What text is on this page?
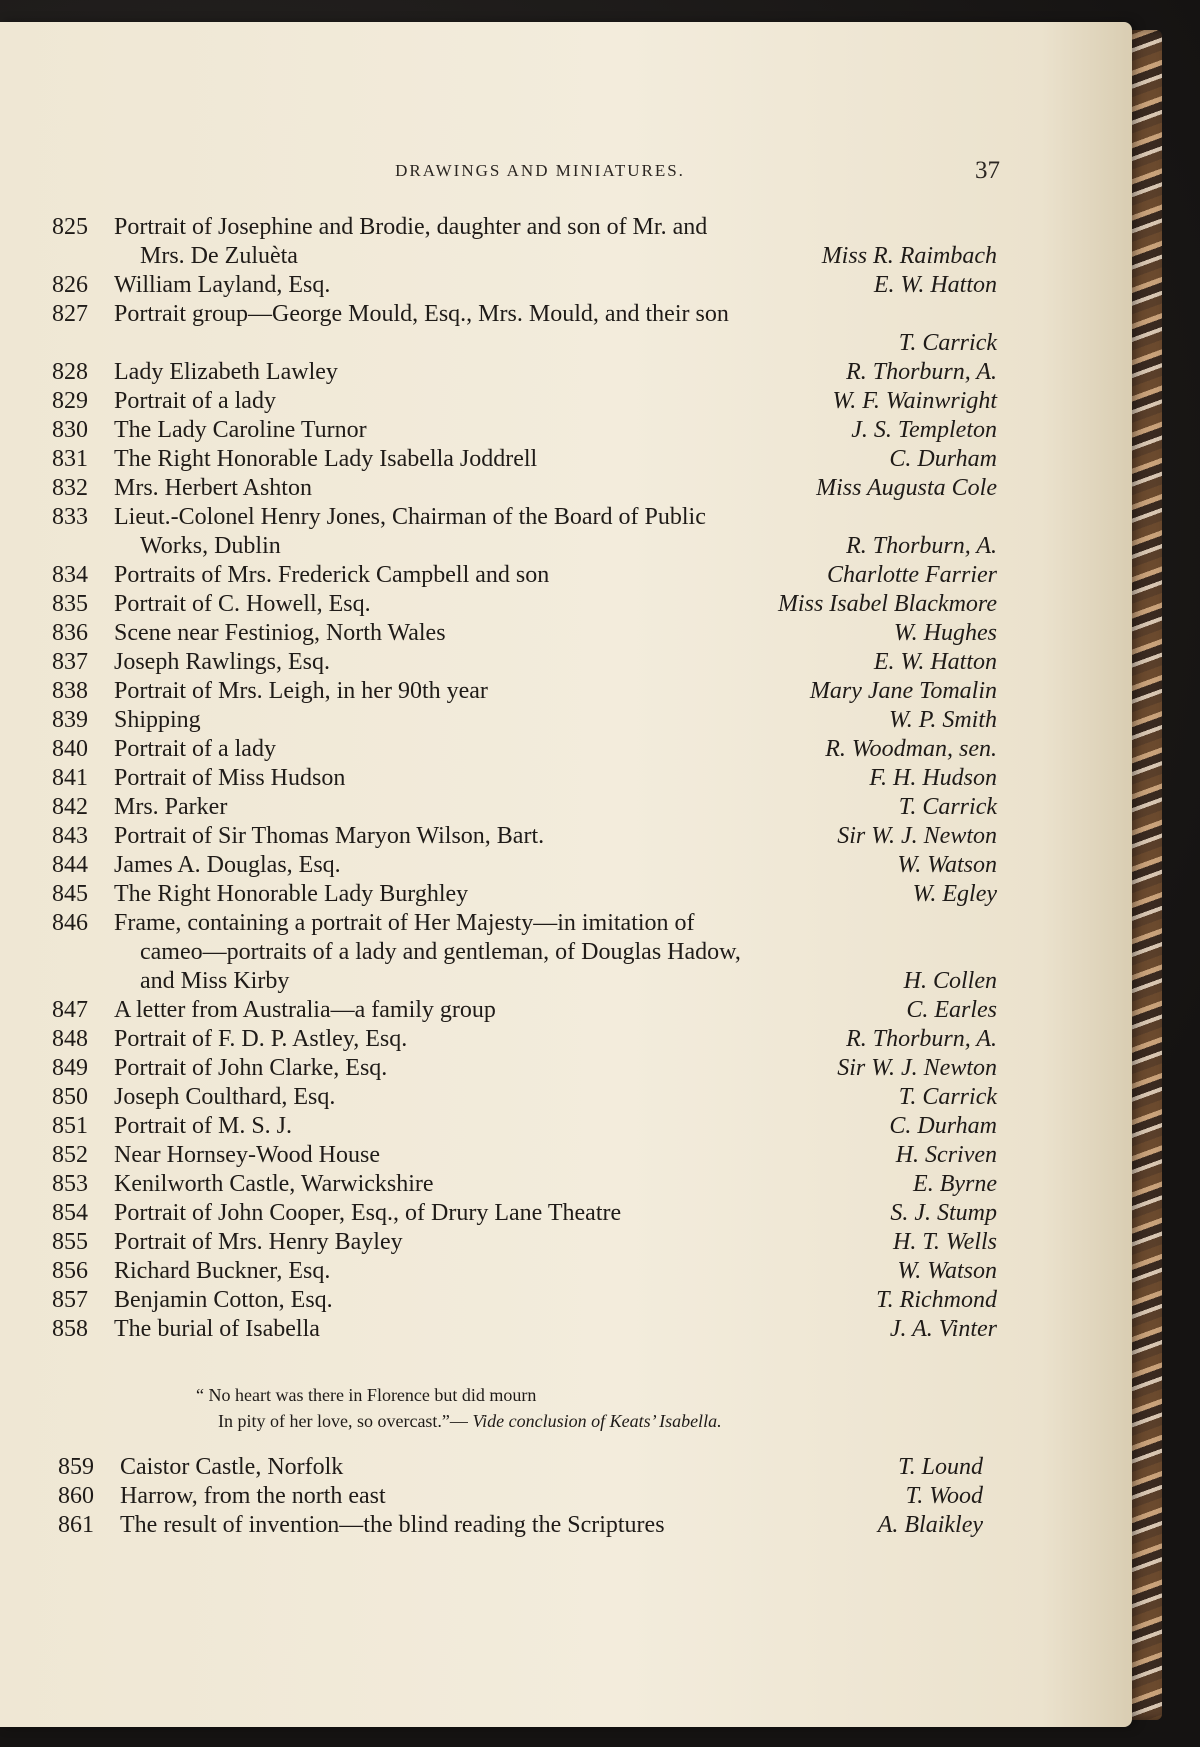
DRAWINGS AND MINIATURES.	37
825	Portrait of Josephine and Brodie, daughter and son of Mr. and
Mrs. De Zuluèta	Miss R. Raimbach
826	William Layland, Esq.	E. W. Hatton
827	Portrait group—George Mould, Esq., Mrs. Mould, and their son
T. Carrick
828	Lady Elizabeth Lawley	R. Thorburn, A.
829	Portrait of a lady	W. F. Wainwright
830	The Lady Caroline Turnor	J. S. Templeton
831	The Right Honorable Lady Isabella Joddrell	C. Durham
832	Mrs. Herbert Ashton	Miss Augusta Cole
833	Lieut.-Colonel Henry Jones, Chairman of the Board of Public
Works, Dublin	R. Thorburn, A.
834	Portraits of Mrs. Frederick Campbell and son	Charlotte Farrier
835	Portrait of C. Howell, Esq.	Miss Isabel Blackmore
836	Scene near Festiniog, North Wales	W. Hughes
837	Joseph Rawlings, Esq.	E. W. Hatton
838	Portrait of Mrs. Leigh, in her 90th year	Mary Jane Tomalin
839	Shipping	W. P. Smith
840	Portrait of a lady	R. Woodman, sen.
841	Portrait of Miss Hudson	F. H. Hudson
842	Mrs. Parker	T. Carrick
843	Portrait of Sir Thomas Maryon Wilson, Bart.	Sir W. J. Newton
844	James A. Douglas, Esq.	W. Watson
845	The Right Honorable Lady Burghley	W. Egley
846	Frame, containing a portrait of Her Majesty—in imitation of
cameo—portraits of a lady and gentleman, of Douglas Hadow,
and Miss Kirby	H. Collen
847	A letter from Australia—a family group	C. Earles
848	Portrait of F. D. P. Astley, Esq.	R. Thorburn, A.
849	Portrait of John Clarke, Esq.	Sir W. J. Newton
850	Joseph Coulthard, Esq.	T. Carrick
851	Portrait of M. S. J.	C. Durham
852	Near Hornsey-Wood House	H. Scriven
853	Kenilworth Castle, Warwickshire	E. Byrne
854	Portrait of John Cooper, Esq., of Drury Lane Theatre	S. J. Stump
855	Portrait of Mrs. Henry Bayley	H. T. Wells
856	Richard Buckner, Esq.	W. Watson
857	Benjamin Cotton, Esq.	T. Richmond
858	The burial of Isabella	J. A. Vinter
“ No heart was there in Florence but did mourn
In pity of her love, so overcast.”— Vide conclusion of Keats’ Isabella.
859	Caistor Castle, Norfolk	T. Lound
860	Harrow, from the north east	T. Wood
861	The result of invention—the blind reading the Scriptures	A. Blaikley
